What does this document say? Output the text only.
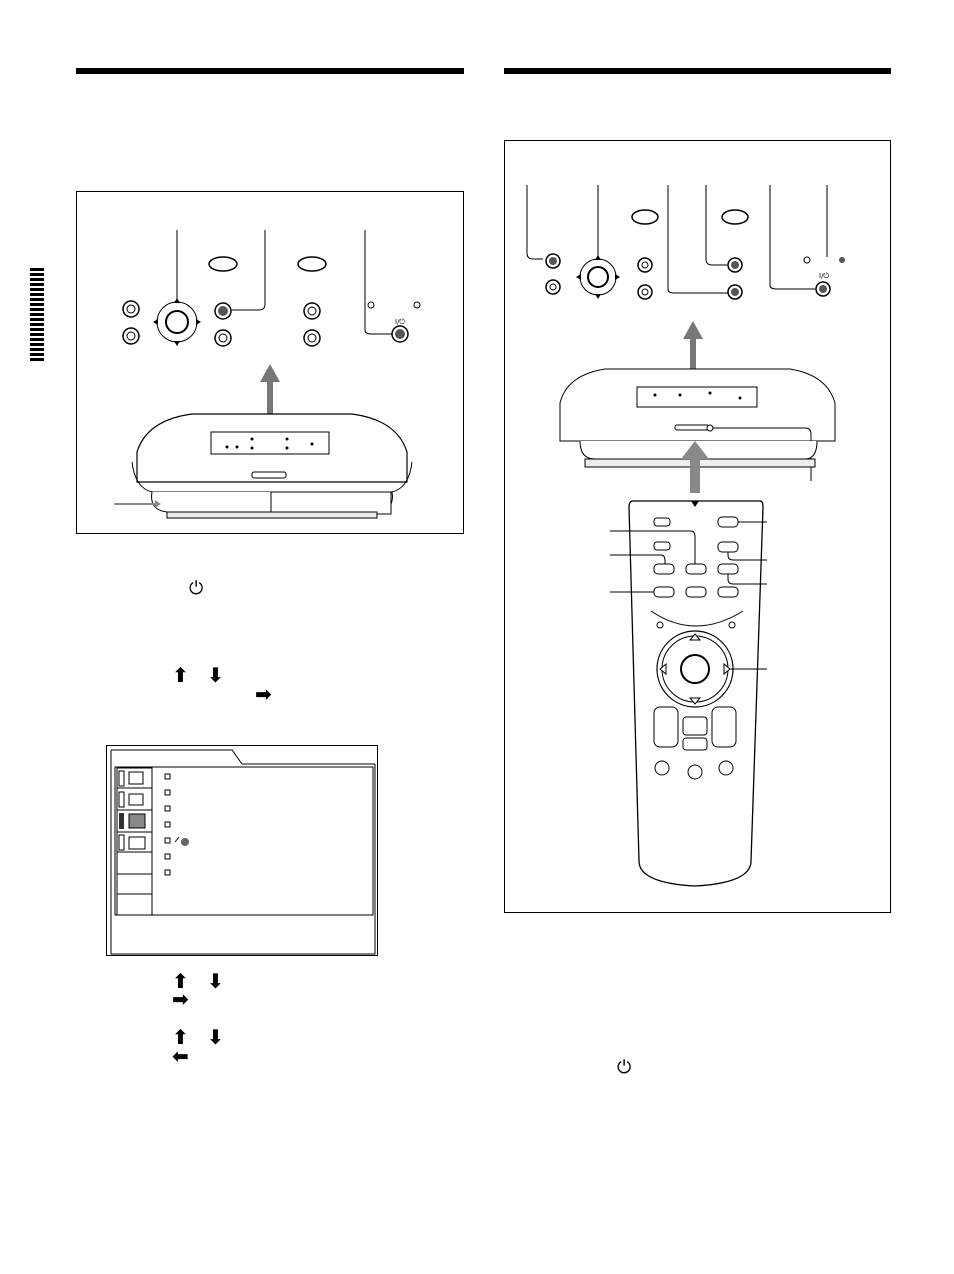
I/⏻
⏻
⬆ ⬇
➡
⬆ ⬇
➡
⬆ ⬇
⬅
I/⏻
⏻
